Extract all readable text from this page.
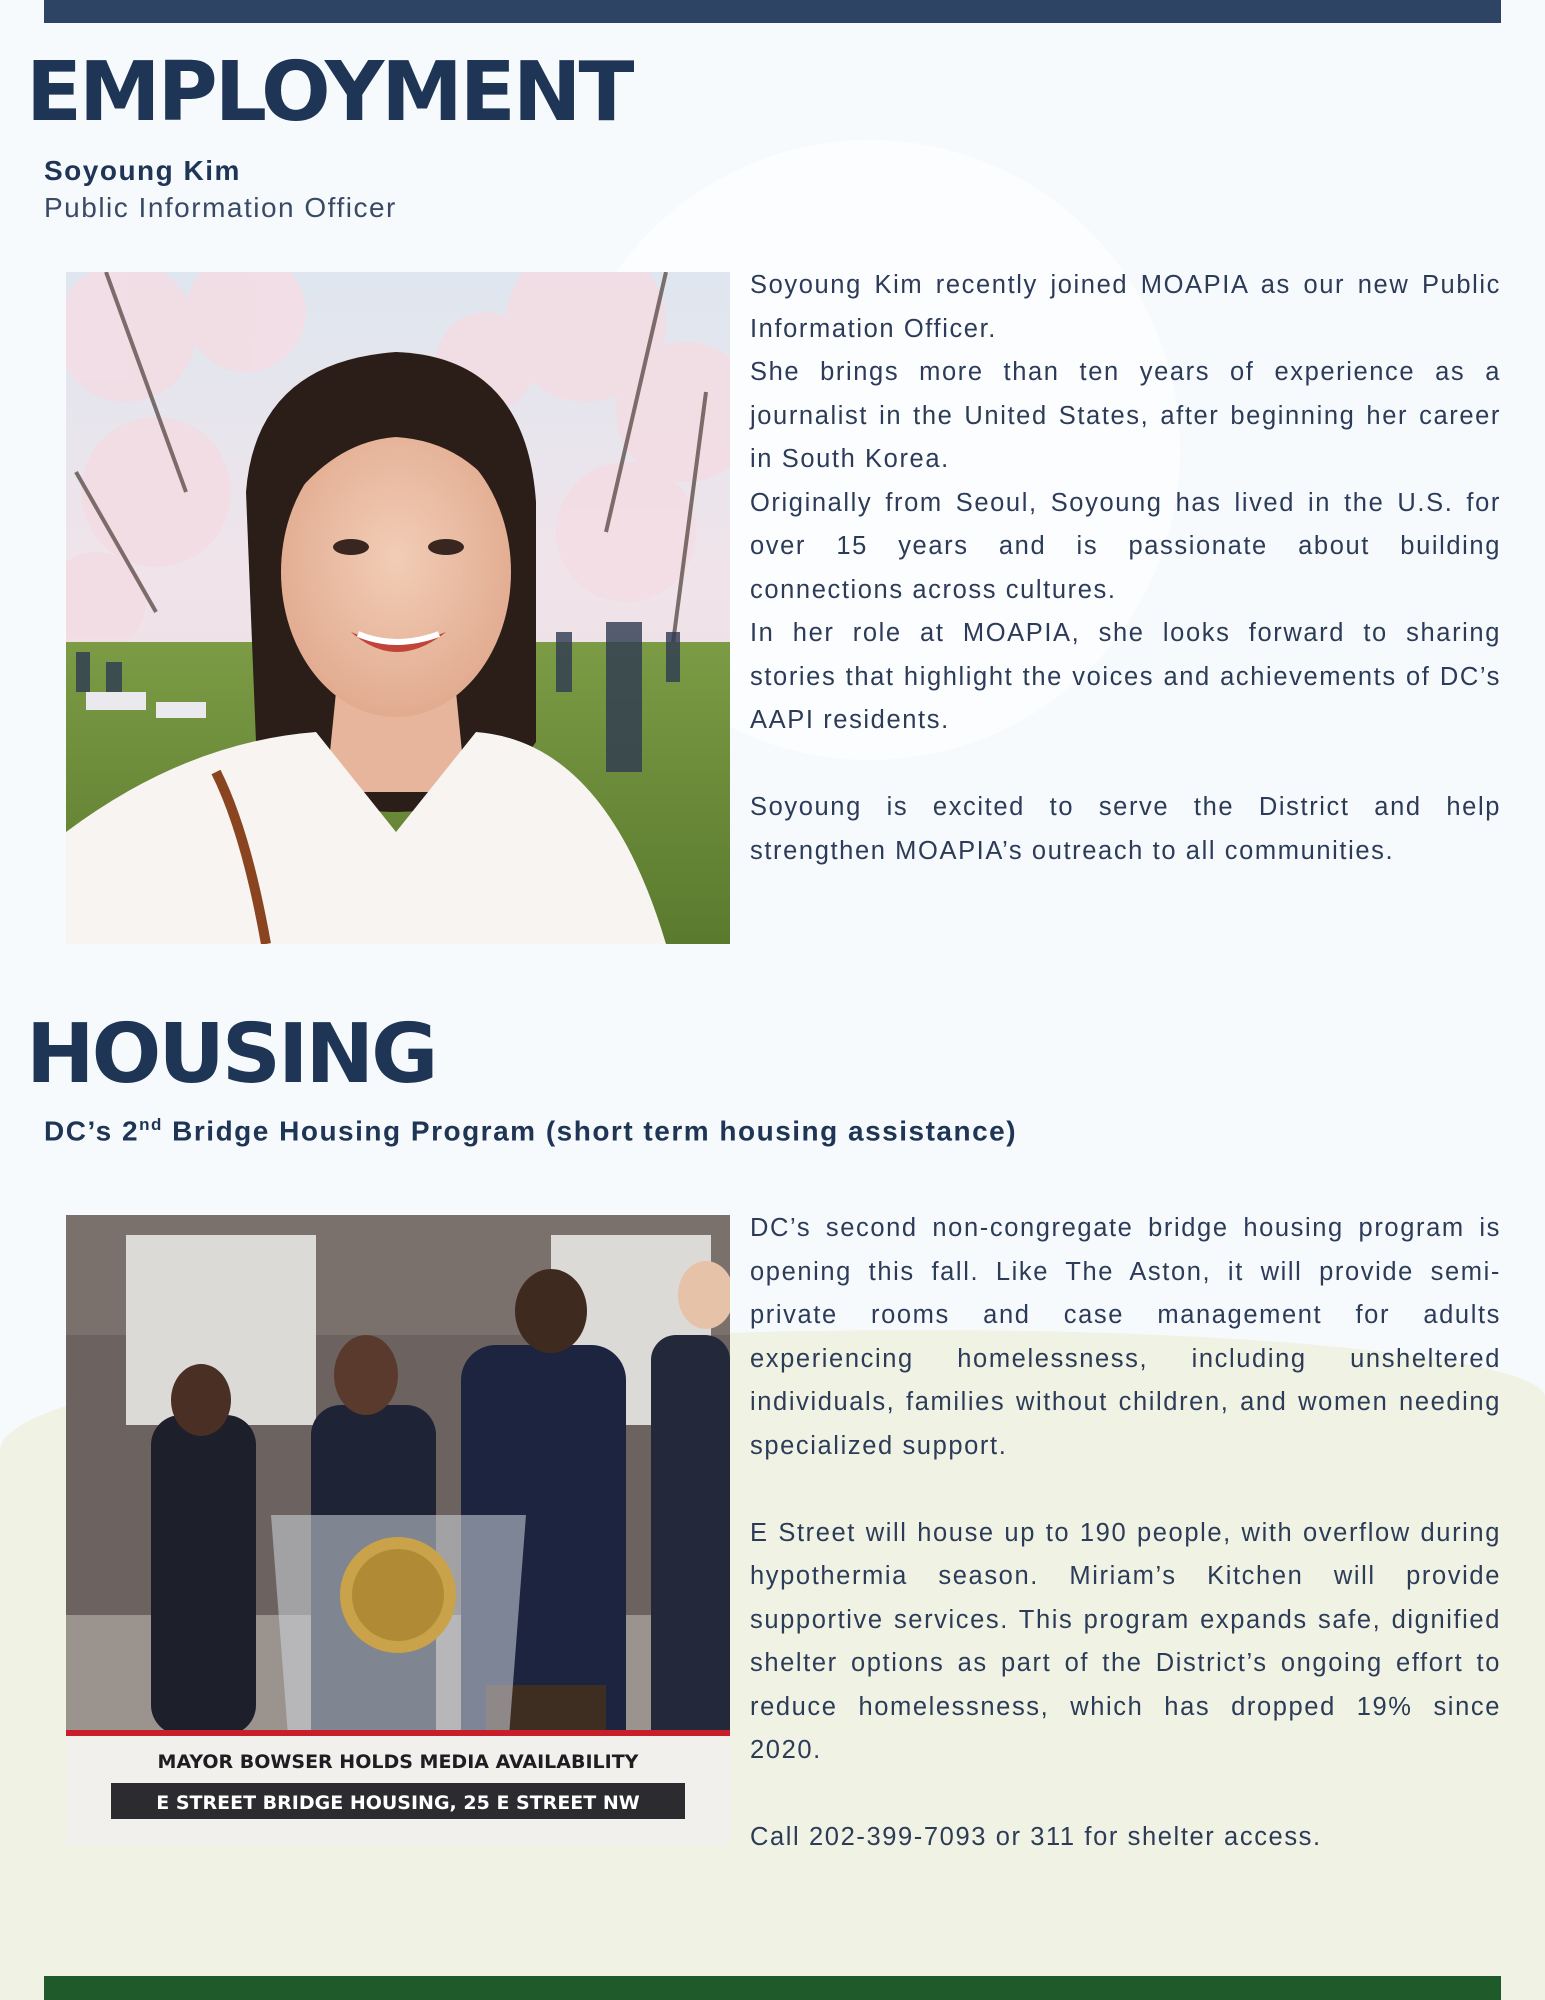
EMPLOYMENT
Soyoung Kim
Public Information Officer

Soyoung Kim recently joined MOAPIA as our new Public Information Officer.

She brings more than ten years of experience as a journalist in the United States, after beginning her career in South Korea.

Originally from Seoul, Soyoung has lived in the U.S. for over 15 years and is passionate about building connections across cultures.

In her role at MOAPIA, she looks forward to sharing stories that highlight the voices and achievements of DC’s AAPI residents.

Soyoung is excited to serve the District and help strengthen MOAPIA’s outreach to all communities.

HOUSING
DC’s 2nd Bridge Housing Program (short term housing assistance)
MAYOR BOWSER HOLDS MEDIA AVAILABILITY
E STREET BRIDGE HOUSING, 25 E STREET NW

DC’s second non-congregate bridge housing program is opening this fall. Like The Aston, it will provide semi-private rooms and case management for adults experiencing homelessness, including unsheltered individuals, families without children, and women needing specialized support.

E Street will house up to 190 people, with overflow during hypothermia season. Miriam’s Kitchen will provide supportive services. This program expands safe, dignified shelter options as part of the District’s ongoing effort to reduce homelessness, which has dropped 19% since 2020.

Call 202-399-7093 or 311 for shelter access.
